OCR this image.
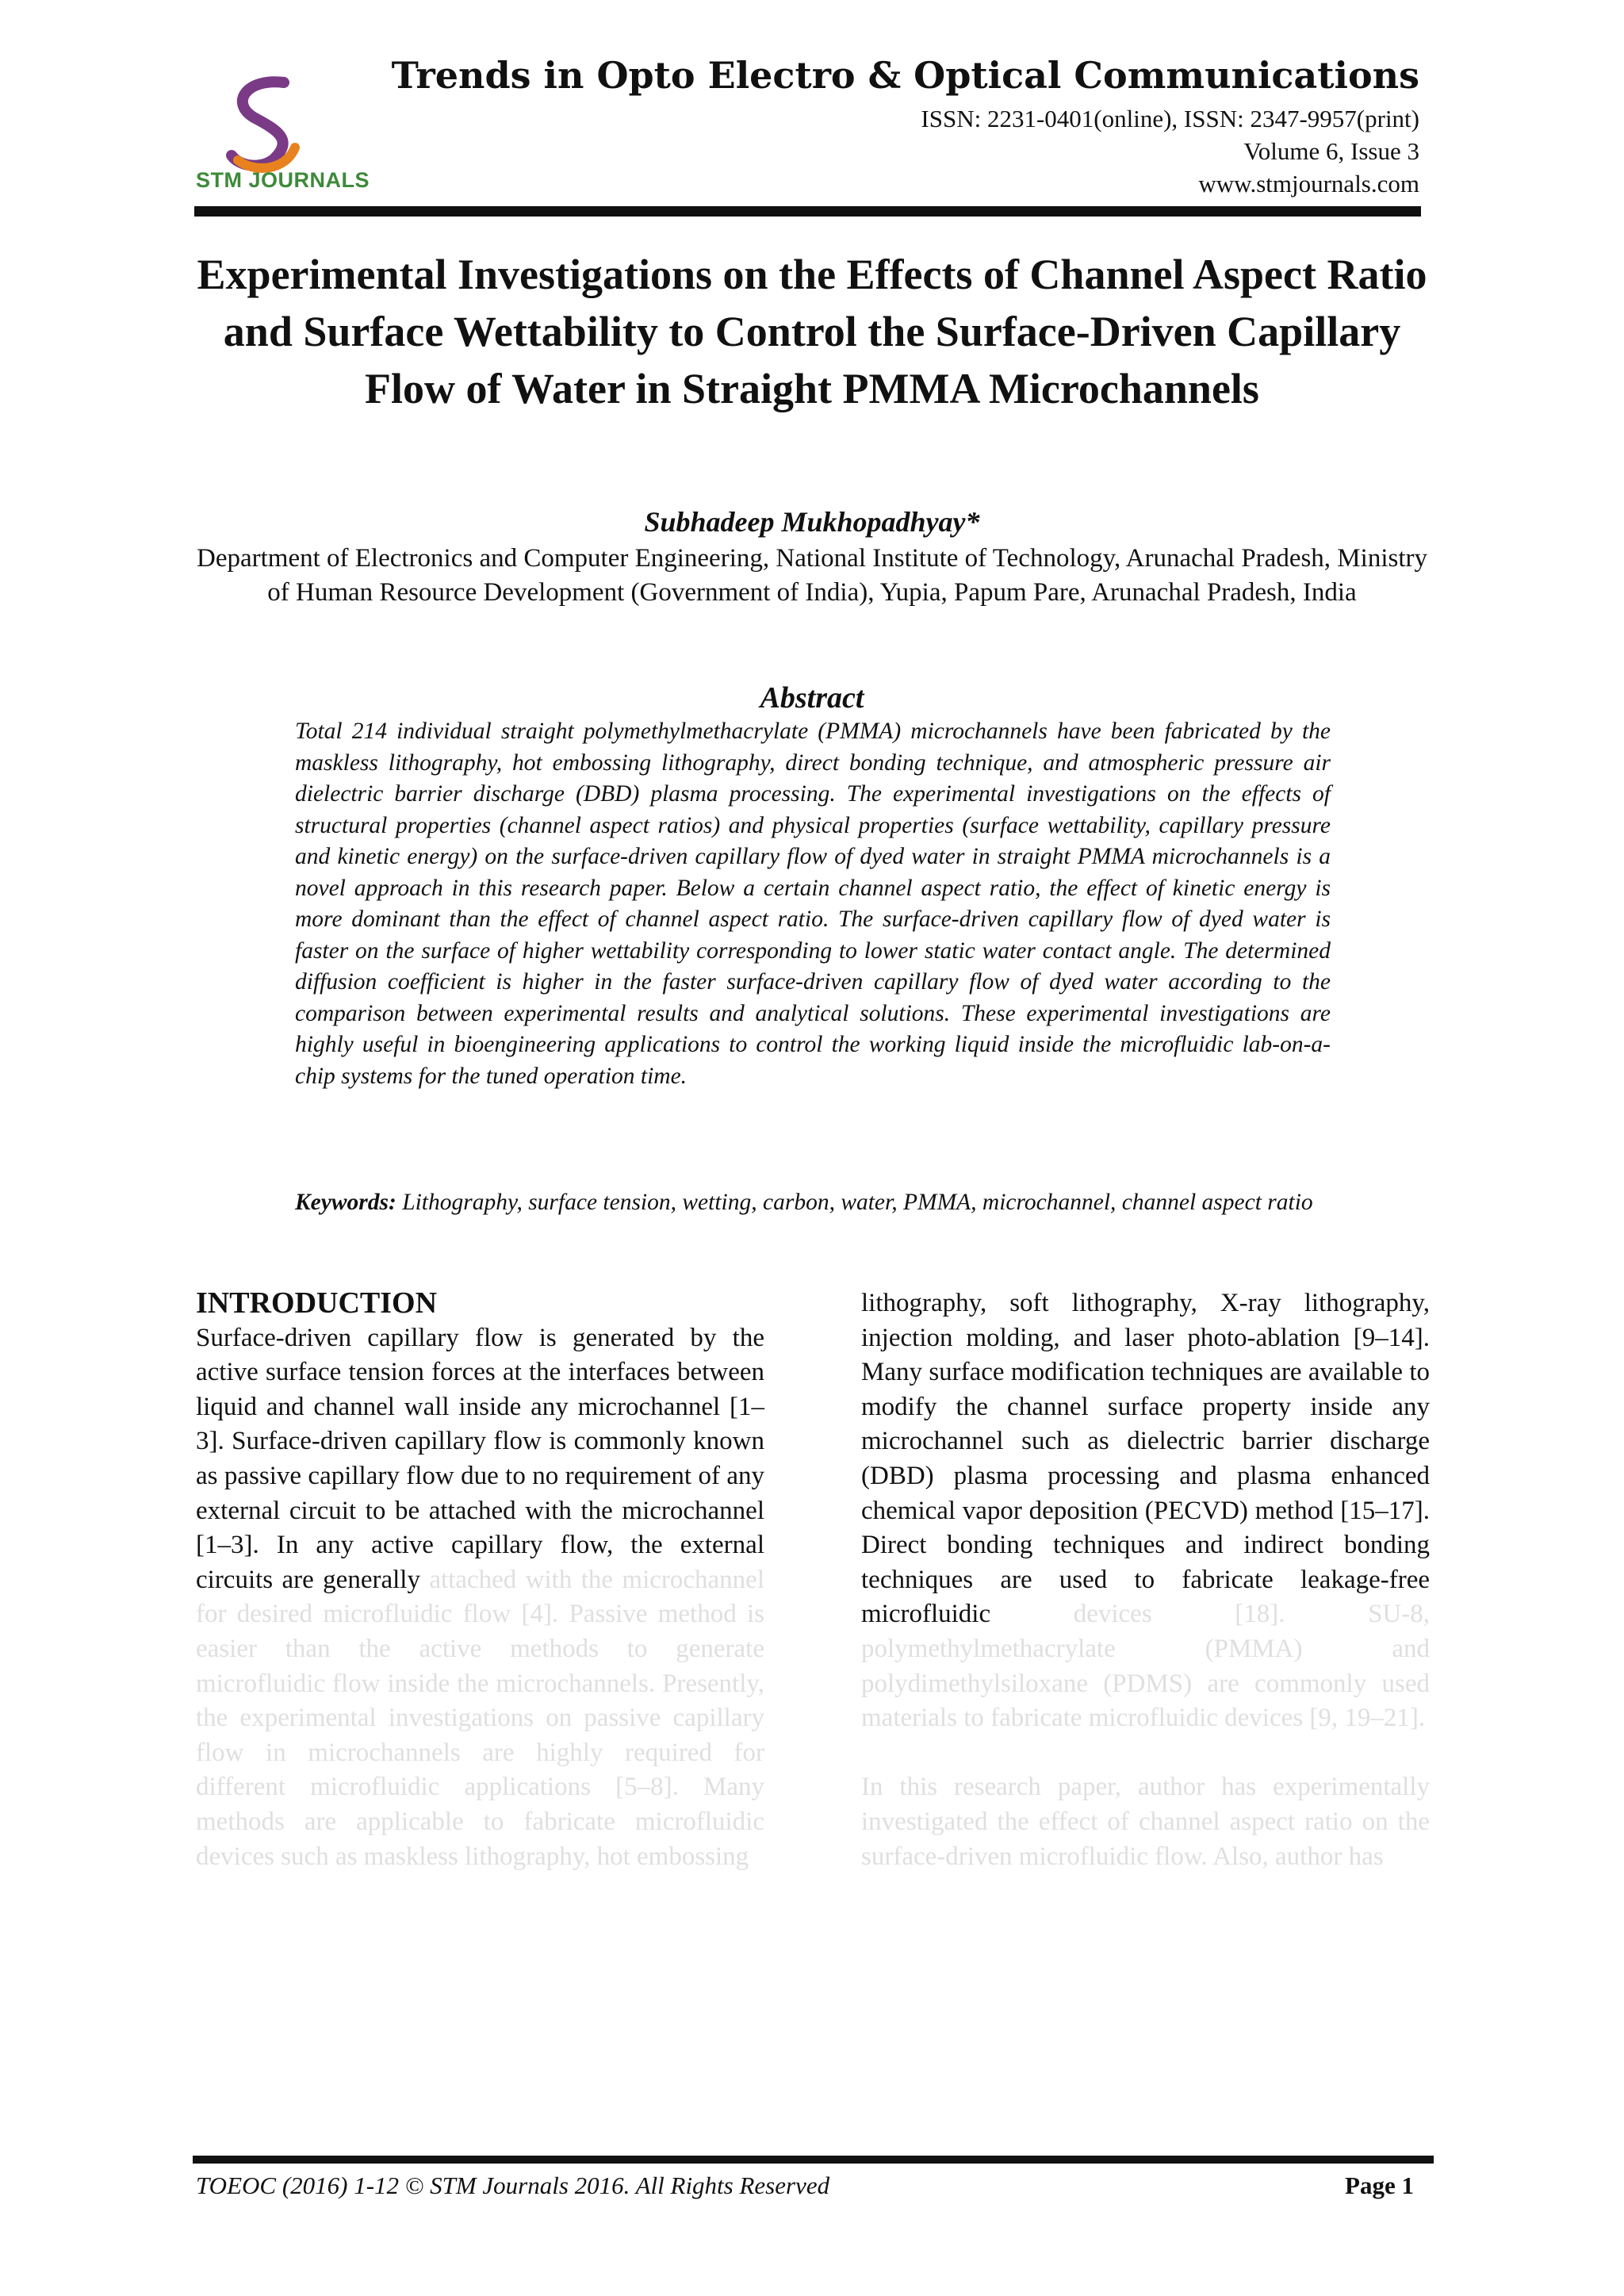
STM JOURNALS
Trends in Opto Electro & Optical Communications
ISSN: 2231-0401(online), ISSN: 2347-9957(print)
Volume 6, Issue 3
www.stmjournals.com
Experimental Investigations on the Effects of Channel Aspect Ratio and Surface Wettability to Control the Surface-Driven Capillary Flow of Water in Straight PMMA Microchannels
Subhadeep Mukhopadhyay*
Department of Electronics and Computer Engineering, National Institute of Technology, Arunachal Pradesh, Ministry of Human Resource Development (Government of India), Yupia, Papum Pare, Arunachal Pradesh, India
Abstract

Total 214 individual straight polymethylmethacrylate (PMMA) microchannels have been fabricated by the maskless lithography, hot embossing lithography, direct bonding technique, and atmospheric pressure air dielectric barrier discharge (DBD) plasma processing. The experimental investigations on the effects of structural properties (channel aspect ratios) and physical properties (surface wettability, capillary pressure and kinetic energy) on the surface-driven capillary flow of dyed water in straight PMMA microchannels is a novel approach in this research paper. Below a certain channel aspect ratio, the effect of kinetic energy is more dominant than the effect of channel aspect ratio. The surface-driven capillary flow of dyed water is faster on the surface of higher wettability corresponding to lower static water contact angle. The determined diffusion coefficient is higher in the faster surface-driven capillary flow of dyed water according to the comparison between experimental results and analytical solutions. These experimental investigations are highly useful in bioengineering applications to control the working liquid inside the microfluidic lab-on-a-chip systems for the tuned operation time.

Keywords: Lithography, surface tension, wetting, carbon, water, PMMA, microchannel, channel aspect ratio

INTRODUCTION
Surface-driven capillary flow is generated by the active surface tension forces at the interfaces between liquid and channel wall inside any microchannel [1–3]. Surface-driven capillary flow is commonly known as passive capillary flow due to no requirement of any external circuit to be attached with the microchannel [1–3]. In any active capillary flow, the external circuits are generally attached with the microchannel for desired microfluidic flow [4]. Passive method is easier than the active methods to generate microfluidic flow inside the microchannels. Presently, the experimental investigations on passive capillary flow in microchannels are highly required for different microfluidic applications [5–8]. Many methods are applicable to fabricate microfluidic devices such as maskless lithography, hot embossing

lithography, soft lithography, X-ray lithography, injection molding, and laser photo-ablation [9–14]. Many surface modification techniques are available to modify the channel surface property inside any microchannel such as dielectric barrier discharge (DBD) plasma processing and plasma enhanced chemical vapor deposition (PECVD) method [15–17]. Direct bonding techniques and indirect bonding techniques are used to fabricate leakage-free microfluidic	devices [18]. SU-8, polymethylmethacrylate (PMMA) and polydimethylsiloxane (PDMS) are commonly used materials to fabricate microfluidic devices [9, 19–21].
In this research paper, author has experimentally investigated the effect of channel aspect ratio on the surface-driven microfluidic flow. Also, author has

TOEOC (2016) 1-12 © STM Journals 2016. All Rights Reserved	Page 1
